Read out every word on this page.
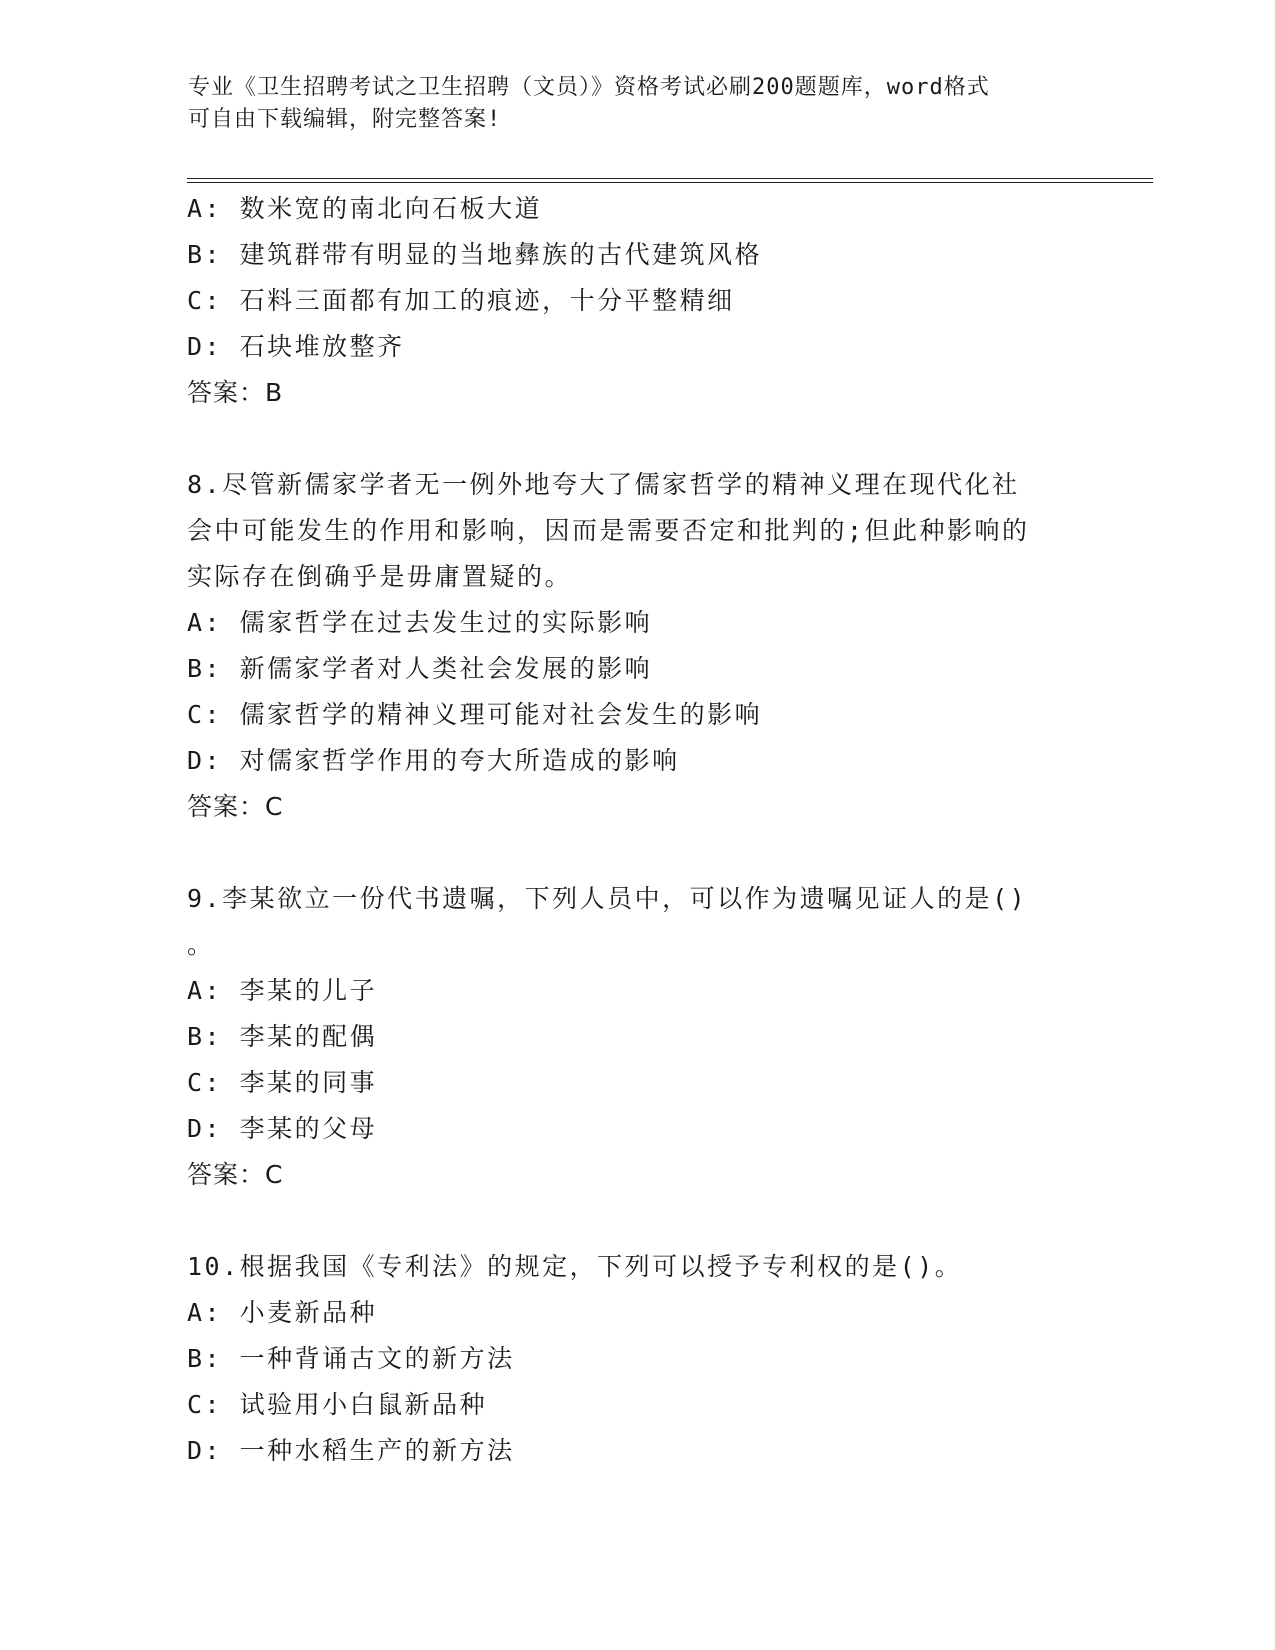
专业《卫生招聘考试之卫生招聘（文员）》资格考试必刷200题题库，word格式
可自由下载编辑，附完整答案!
A: 数米宽的南北向石板大道
B: 建筑群带有明显的当地彝族的古代建筑风格
C: 石料三面都有加工的痕迹，十分平整精细
D: 石块堆放整齐
答案：B
8.尽管新儒家学者无一例外地夸大了儒家哲学的精神义理在现代化社
会中可能发生的作用和影响，因而是需要否定和批判的;但此种影响的
实际存在倒确乎是毋庸置疑的。
A: 儒家哲学在过去发生过的实际影响
B: 新儒家学者对人类社会发展的影响
C: 儒家哲学的精神义理可能对社会发生的影响
D: 对儒家哲学作用的夸大所造成的影响
答案：C
9.李某欲立一份代书遗嘱，下列人员中，可以作为遗嘱见证人的是()
。
A: 李某的儿子
B: 李某的配偶
C: 李某的同事
D: 李某的父母
答案：C
10.根据我国《专利法》的规定，下列可以授予专利权的是()。
A: 小麦新品种
B: 一种背诵古文的新方法
C: 试验用小白鼠新品种
D: 一种水稻生产的新方法
